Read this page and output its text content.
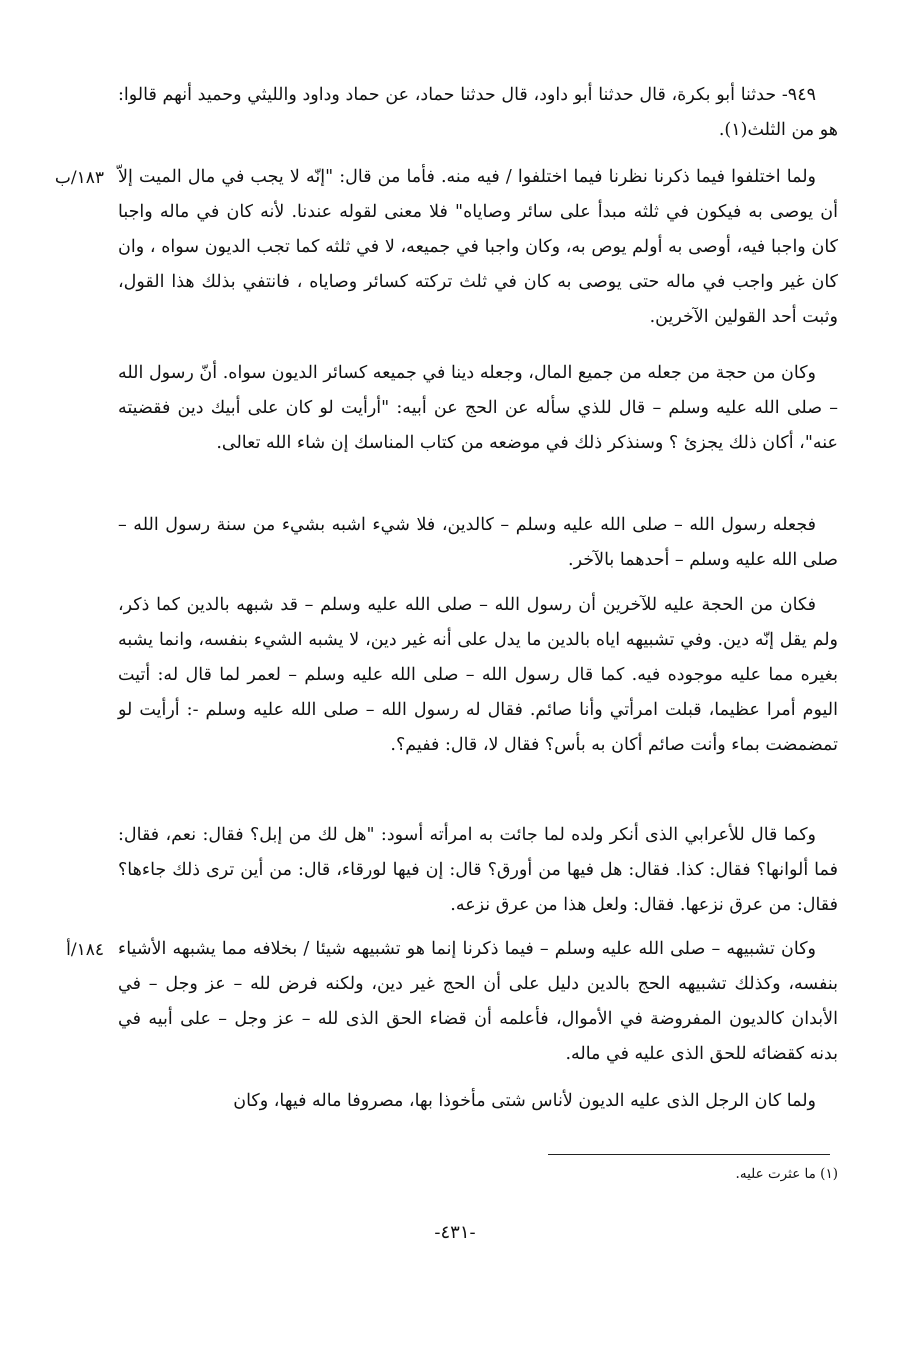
٩٤٩- حدثنا أبو بكرة، قال حدثنا أبو داود، قال حدثنا حماد، عن حماد وداود والليثي وحميد أنهم قالوا: هو من الثلث(١).

١٨٣/ب ولما اختلفوا فيما ذكرنا نظرنا فيما اختلفوا / فيه منه. فأما من قال: "إنّه لا يجب في مال الميت إلاّ أن يوصى به فيكون في ثلثه مبدأ على سائر وصاياه" فلا معنى لقوله عندنا. لأنه كان في ماله واجبا كان واجبا فيه، أوصى به أولم يوص به، وكان واجبا في جميعه، لا في ثلثه كما تجب الديون سواه ، وان كان غير واجب في ماله حتى يوصى به كان في ثلث تركته كسائر وصاياه ، فانتفي بذلك هذا القول، وثبت أحد القولين الآخرين.

وكان من حجة من جعله من جميع المال، وجعله دينا في جميعه كسائر الديون سواه. أنّ رسول الله – صلى الله عليه وسلم – قال للذي سأله عن الحج عن أبيه: "أرأيت لو كان على أبيك دين فقضيته عنه"، أكان ذلك يجزئ ؟ وسنذكر ذلك في موضعه من كتاب المناسك إن شاء الله تعالى.

فجعله رسول الله – صلى الله عليه وسلم – كالدين، فلا شيء اشبه بشيء من سنة رسول الله – صلى الله عليه وسلم – أحدهما بالآخر.

فكان من الحجة عليه للآخرين أن رسول الله – صلى الله عليه وسلم – قد شبهه بالدين كما ذكر، ولم يقل إنّه دين. وفي تشبيهه اياه بالدين ما يدل على أنه غير دين، لا يشبه الشيء بنفسه، وانما يشبه بغيره مما عليه موجوده فيه. كما قال رسول الله – صلى الله عليه وسلم – لعمر لما قال له: أتيت اليوم أمرا عظيما، قبلت امرأتي وأنا صائم. فقال له رسول الله – صلى الله عليه وسلم -: أرأيت لو تمضمضت بماء وأنت صائم أكان به بأس؟ فقال لا، قال: ففيم؟.

وكما قال للأعرابي الذى أنكر ولده لما جائت به امرأته أسود: "هل لك من إبل؟ فقال: نعم، فقال: فما ألوانها؟ فقال: كذا. فقال: هل فيها من أورق؟ قال: إن فيها لورقاء، قال: من أين ترى ذلك جاءها؟ فقال: من عرق نزعها. فقال: ولعل هذا من عرق نزعه.

١٨٤/أ وكان تشبيهه – صلى الله عليه وسلم – فيما ذكرنا إنما هو تشبيهه شيئا / بخلافه مما يشبهه الأشياء بنفسه، وكذلك تشبيهه الحج بالدين دليل على أن الحج غير دين، ولكنه فرض لله – عز وجل – في الأبدان كالديون المفروضة في الأموال، فأعلمه أن قضاء الحق الذى لله – عز وجل – على أبيه في بدنه كقضائه للحق الذى عليه في ماله.

ولما كان الرجل الذى عليه الديون لأناس شتى مأخوذا بها، مصروفا ماله فيها، وكان

(١) ما عثرت عليه.
-٤٣١-
